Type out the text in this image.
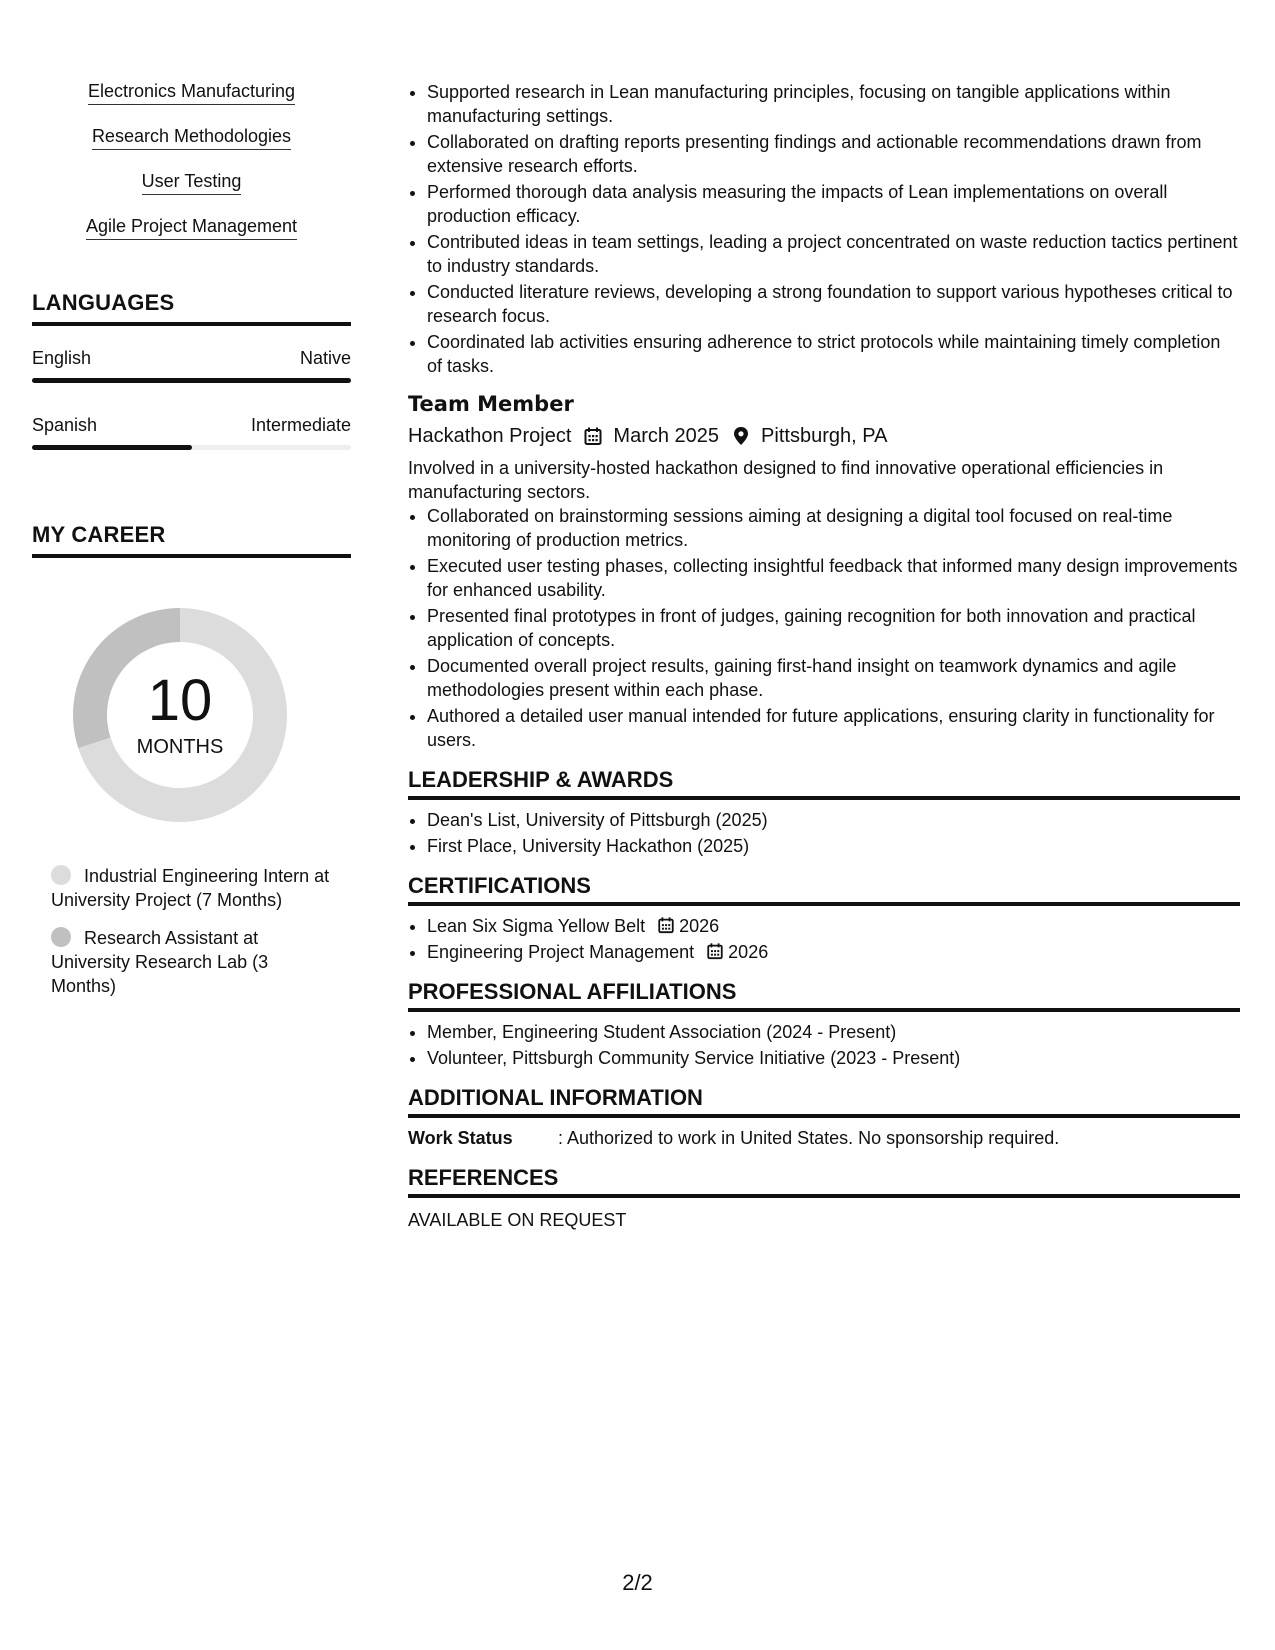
Electronics Manufacturing
Research Methodologies
User Testing
Agile Project Management
LANGUAGES
English	Native
Spanish	Intermediate
MY CAREER
10
MONTHS
Industrial Engineering Intern at University Project (7 Months)
Research Assistant at University Research Lab (3 Months)
• Supported research in Lean manufacturing principles, focusing on tangible applications within manufacturing settings.
• Collaborated on drafting reports presenting findings and actionable recommendations drawn from extensive research efforts.
• Performed thorough data analysis measuring the impacts of Lean implementations on overall production efficacy.
• Contributed ideas in team settings, leading a project concentrated on waste reduction tactics pertinent to industry standards.
• Conducted literature reviews, developing a strong foundation to support various hypotheses critical to research focus.
• Coordinated lab activities ensuring adherence to strict protocols while maintaining timely completion of tasks.
Team Member
Hackathon Project March 2025 Pittsburgh, PA
Involved in a university-hosted hackathon designed to find innovative operational efficiencies in manufacturing sectors.
• Collaborated on brainstorming sessions aiming at designing a digital tool focused on real-time monitoring of production metrics.
• Executed user testing phases, collecting insightful feedback that informed many design improvements for enhanced usability.
• Presented final prototypes in front of judges, gaining recognition for both innovation and practical application of concepts.
• Documented overall project results, gaining first-hand insight on teamwork dynamics and agile methodologies present within each phase.
• Authored a detailed user manual intended for future applications, ensuring clarity in functionality for users.
LEADERSHIP & AWARDS
• Dean's List, University of Pittsburgh (2025)
• First Place, University Hackathon (2025)
CERTIFICATIONS
• Lean Six Sigma Yellow Belt 2026
• Engineering Project Management 2026
PROFESSIONAL AFFILIATIONS
• Member, Engineering Student Association (2024 - Present)
• Volunteer, Pittsburgh Community Service Initiative (2023 - Present)
ADDITIONAL INFORMATION
Work Status	: Authorized to work in United States. No sponsorship required.
REFERENCES
AVAILABLE ON REQUEST
2/2
